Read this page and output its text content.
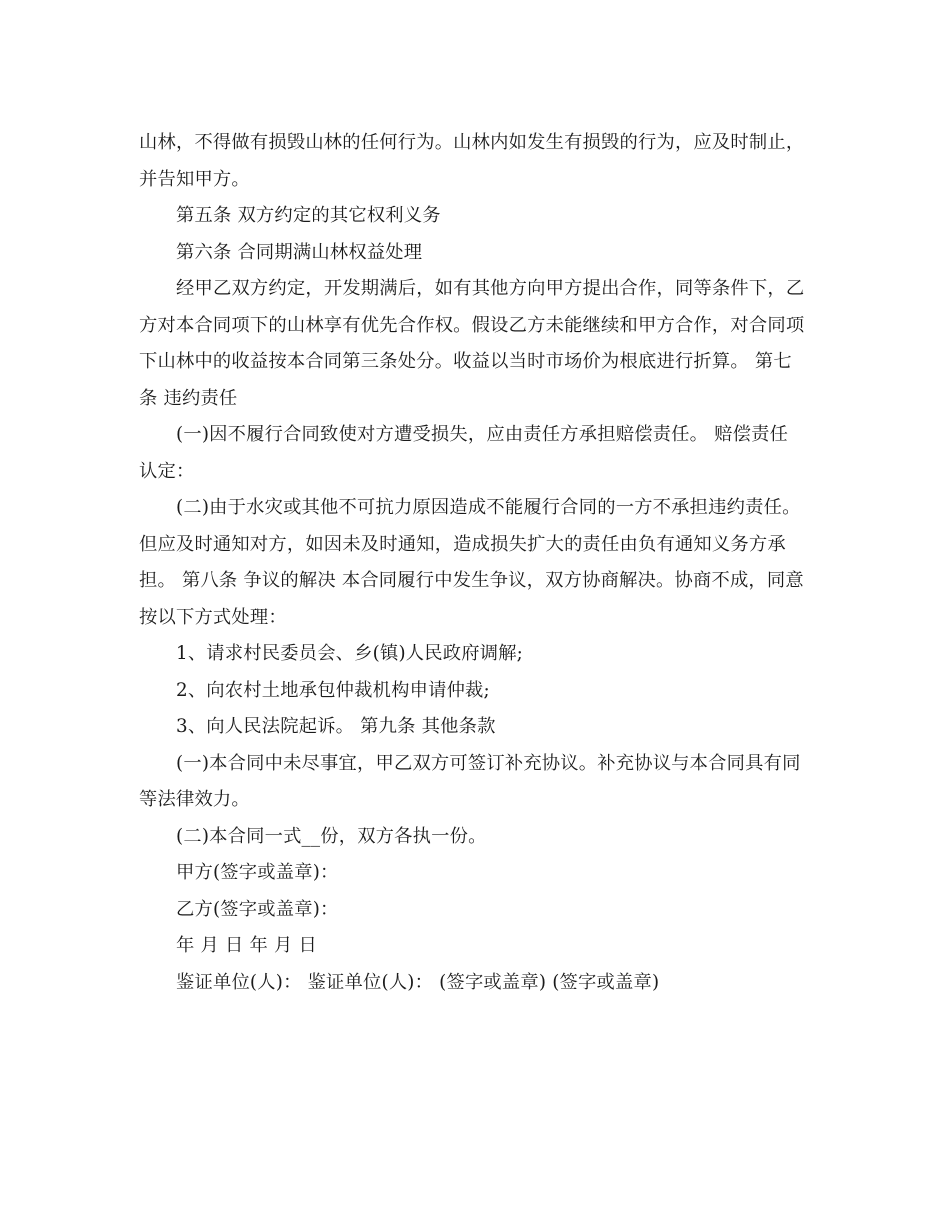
山林，不得做有损毁山林的任何行为。山林内如发生有损毁的行为，应及时制止，
并告知甲方。
第五条 双方约定的其它权利义务
第六条 合同期满山林权益处理
经甲乙双方约定，开发期满后，如有其他方向甲方提出合作，同等条件下，乙
方对本合同项下的山林享有优先合作权。假设乙方未能继续和甲方合作，对合同项
下山林中的收益按本合同第三条处分。收益以当时市场价为根底进行折算。 第七
条 违约责任
(一)因不履行合同致使对方遭受损失，应由责任方承担赔偿责任。 赔偿责任
认定：
(二)由于水灾或其他不可抗力原因造成不能履行合同的一方不承担违约责任。
但应及时通知对方，如因未及时通知，造成损失扩大的责任由负有通知义务方承
担。 第八条 争议的解决 本合同履行中发生争议，双方协商解决。协商不成，同意
按以下方式处理：
1、请求村民委员会、乡(镇)人民政府调解;
2、向农村土地承包仲裁机构申请仲裁;
3、向人民法院起诉。 第九条 其他条款
(一)本合同中未尽事宜，甲乙双方可签订补充协议。补充协议与本合同具有同
等法律效力。
(二)本合同一式__份，双方各执一份。
甲方(签字或盖章)：
乙方(签字或盖章)：
年 月 日 年 月 日
鉴证单位(人)： 鉴证单位(人)： (签字或盖章) (签字或盖章)
